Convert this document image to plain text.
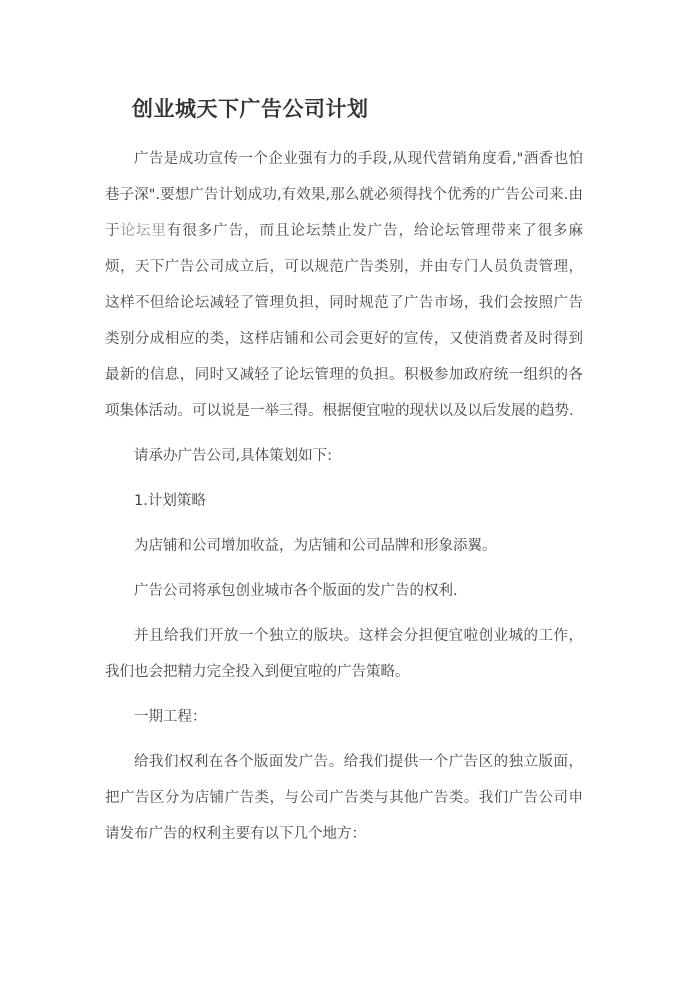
创业城天下广告公司计划

广告是成功宣传一个企业强有力的手段,从现代营销角度看,"酒香也怕巷子深".要想广告计划成功,有效果,那么就必须得找个优秀的广告公司来.由于论坛里有很多广告，而且论坛禁止发广告，给论坛管理带来了很多麻烦，天下广告公司成立后，可以规范广告类别，并由专门人员负责管理，这样不但给论坛减轻了管理负担，同时规范了广告市场，我们会按照广告类别分成相应的类，这样店铺和公司会更好的宣传，又使消费者及时得到最新的信息，同时又减轻了论坛管理的负担。积极参加政府统一组织的各项集体活动。可以说是一举三得。根据便宜啦的现状以及以后发展的趋势.

请承办广告公司,具体策划如下:

1.计划策略

为店铺和公司增加收益，为店铺和公司品牌和形象添翼。

广告公司将承包创业城市各个版面的发广告的权利.

并且给我们开放一个独立的版块。这样会分担便宜啦创业城的工作，我们也会把精力完全投入到便宜啦的广告策略。

一期工程：

给我们权利在各个版面发广告。给我们提供一个广告区的独立版面，把广告区分为店铺广告类，与公司广告类与其他广告类。我们广告公司申请发布广告的权利主要有以下几个地方：
